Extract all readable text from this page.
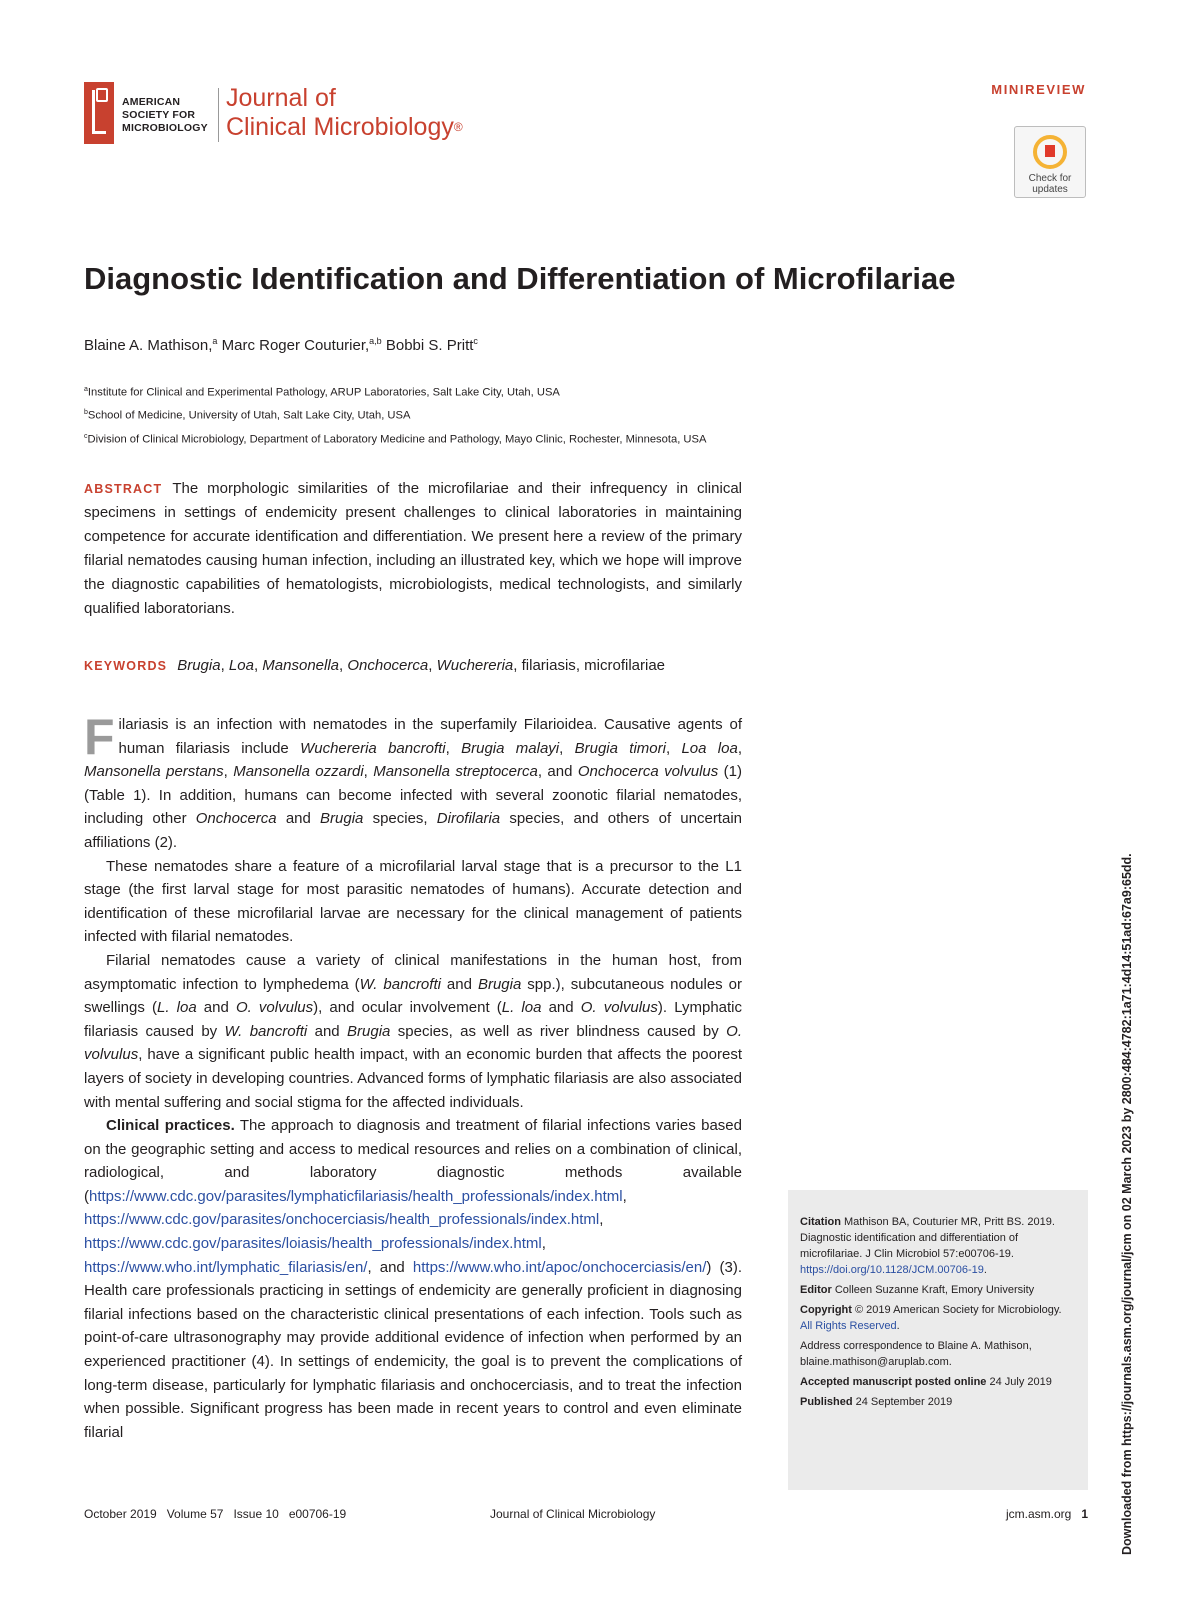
AMERICAN
SOCIETY FOR
MICROBIOLOGY
Journal of
Clinical Microbiology®
MINIREVIEW
Check for
updates
Diagnostic Identification and Differentiation of Microfilariae
Blaine A. Mathison,$^a$ Marc Roger Couturier,$^{a,b}$ Bobbi S. Pritt$^c$
$^a$Institute for Clinical and Experimental Pathology, ARUP Laboratories, Salt Lake City, Utah, USA
$^b$School of Medicine, University of Utah, Salt Lake City, Utah, USA
$^c$Division of Clinical Microbiology, Department of Laboratory Medicine and Pathology, Mayo Clinic, Rochester, Minnesota, USA

ABSTRACT The morphologic similarities of the microfilariae and their infrequency in clinical specimens in settings of endemicity present challenges to clinical laboratories in maintaining competence for accurate identification and differentiation. We present here a review of the primary filarial nematodes causing human infection, including an illustrated key, which we hope will improve the diagnostic capabilities of hematologists, microbiologists, medical technologists, and similarly qualified laboratorians.

KEYWORDS Brugia, Loa, Mansonella, Onchocerca, Wuchereria, filariasis, microfilariae

Filariasis is an infection with nematodes in the superfamily Filarioidea. Causative agents of human filariasis include Wuchereria bancrofti, Brugia malayi, Brugia timori, Loa loa, Mansonella perstans, Mansonella ozzardi, Mansonella streptocerca, and Onchocerca volvulus (1) (Table 1). In addition, humans can become infected with several zoonotic filarial nematodes, including other Onchocerca and Brugia species, Dirofilaria species, and others of uncertain affiliations (2).

These nematodes share a feature of a microfilarial larval stage that is a precursor to the L1 stage (the first larval stage for most parasitic nematodes of humans). Accurate detection and identification of these microfilarial larvae are necessary for the clinical management of patients infected with filarial nematodes.

Filarial nematodes cause a variety of clinical manifestations in the human host, from asymptomatic infection to lymphedema (W. bancrofti and Brugia spp.), subcutaneous nodules or swellings (L. loa and O. volvulus), and ocular involvement (L. loa and O. volvulus). Lymphatic filariasis caused by W. bancrofti and Brugia species, as well as river blindness caused by O. volvulus, have a significant public health impact, with an economic burden that affects the poorest layers of society in developing countries. Advanced forms of lymphatic filariasis are also associated with mental suffering and social stigma for the affected individuals.

Clinical practices. The approach to diagnosis and treatment of filarial infections varies based on the geographic setting and access to medical resources and relies on a combination of clinical, radiological, and laboratory diagnostic methods available (https://www.cdc.gov/parasites/lymphaticfilariasis/health_professionals/index.html, https://www.cdc.gov/parasites/onchocerciasis/health_professionals/index.html, https://www.cdc.gov/parasites/loiasis/health_professionals/index.html, https://www.who.int/lymphatic_filariasis/en/, and https://www.who.int/apoc/onchocerciasis/en/) (3). Health care professionals practicing in settings of endemicity are generally proficient in diagnosing filarial infections based on the characteristic clinical presentations of each infection. Tools such as point-of-care ultrasonography may provide additional evidence of infection when performed by an experienced practitioner (4). In settings of endemicity, the goal is to prevent the complications of long-term disease, particularly for lymphatic filariasis and onchocerciasis, and to treat the infection when possible. Significant progress has been made in recent years to control and even eliminate filarial

Citation Mathison BA, Couturier MR, Pritt BS. 2019. Diagnostic identification and differentiation of microfilariae. J Clin Microbiol 57:e00706-19. https://doi.org/10.1128/JCM.00706-19.

Editor Colleen Suzanne Kraft, Emory University

Copyright © 2019 American Society for Microbiology. All Rights Reserved.

Address correspondence to Blaine A. Mathison, blaine.mathison@aruplab.com.

Accepted manuscript posted online 24 July 2019

Published 24 September 2019

October 2019 Volume 57 Issue 10 e00706-19	Journal of Clinical Microbiology	jcm.asm.org 1	Downloaded from https://journals.asm.org/journal/jcm on 02 March 2023 by 2800:484:4782:1a71:4d14:51ad:67a9:65dd.
